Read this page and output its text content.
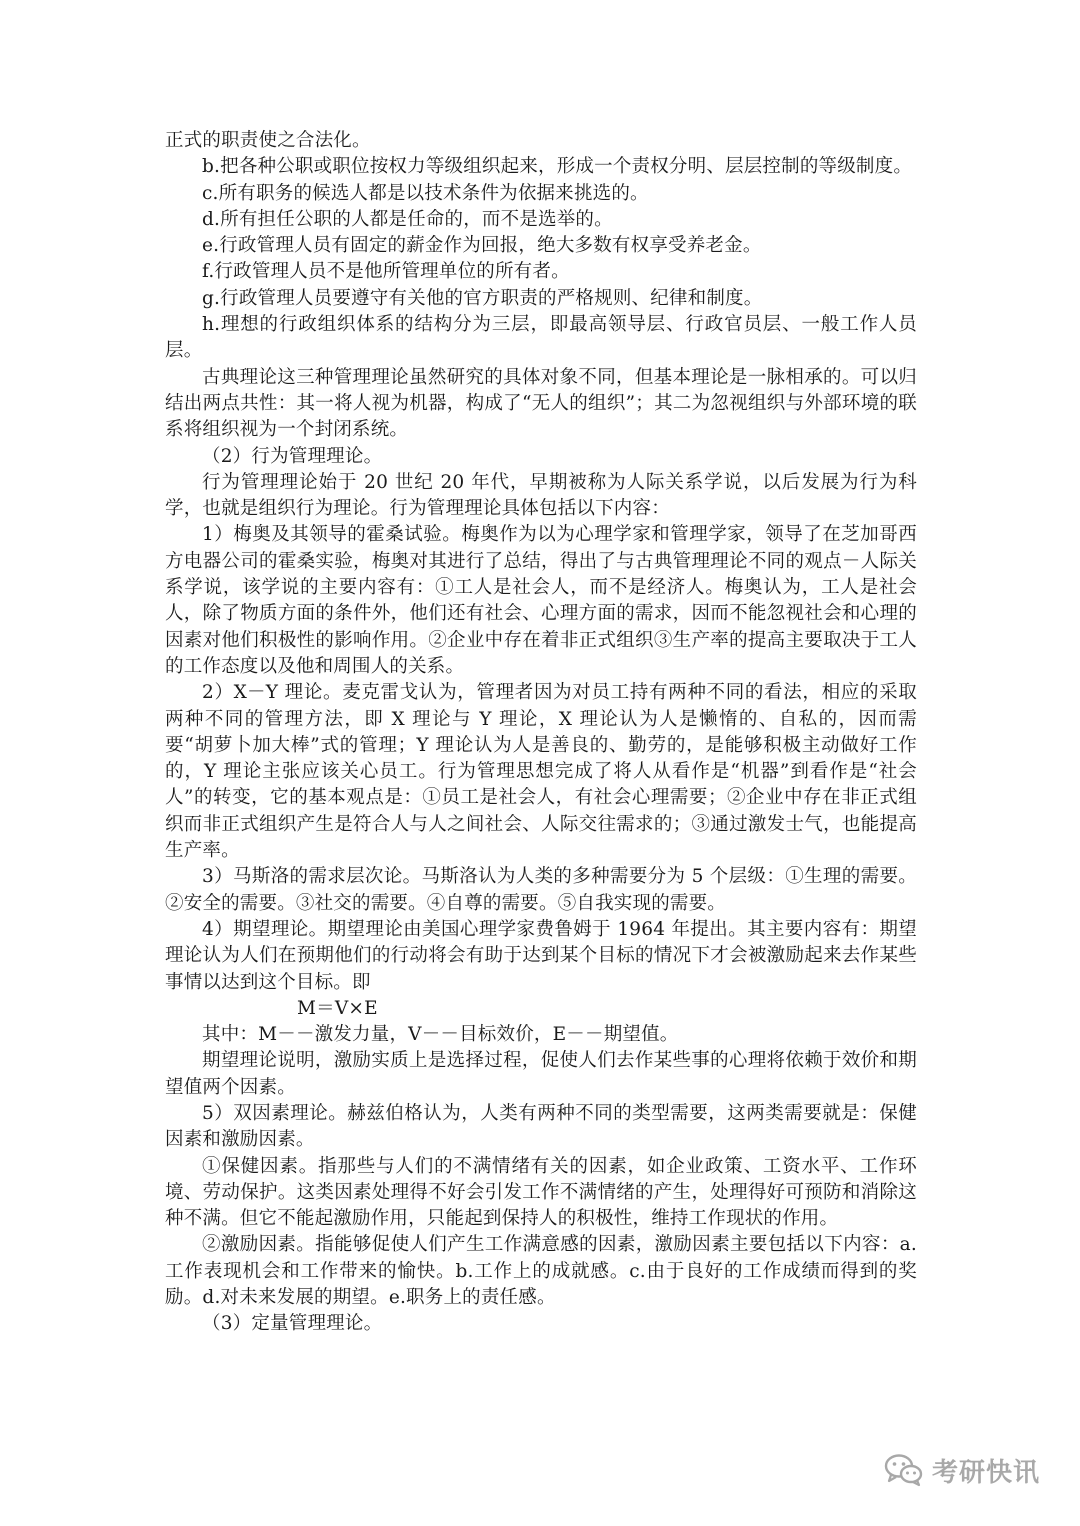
正式的职责使之合法化。

b.把各种公职或职位按权力等级组织起来，形成一个责权分明、层层控制的等级制度。

c.所有职务的候选人都是以技术条件为依据来挑选的。

d.所有担任公职的人都是任命的，而不是选举的。

e.行政管理人员有固定的薪金作为回报，绝大多数有权享受养老金。

f.行政管理人员不是他所管理单位的所有者。

g.行政管理人员要遵守有关他的官方职责的严格规则、纪律和制度。

h.理想的行政组织体系的结构分为三层，即最高领导层、行政官员层、一般工作人员层。

古典理论这三种管理理论虽然研究的具体对象不同，但基本理论是一脉相承的。可以归结出两点共性：其一将人视为机器，构成了“无人的组织”；其二为忽视组织与外部环境的联系将组织视为一个封闭系统。

（2）行为管理理论。

行为管理理论始于 20 世纪 20 年代，早期被称为人际关系学说，以后发展为行为科学，也就是组织行为理论。行为管理理论具体包括以下内容：

1）梅奥及其领导的霍桑试验。梅奥作为以为心理学家和管理学家，领导了在芝加哥西方电器公司的霍桑实验，梅奥对其进行了总结，得出了与古典管理理论不同的观点－人际关系学说，该学说的主要内容有：①工人是社会人，而不是经济人。梅奥认为，工人是社会人，除了物质方面的条件外，他们还有社会、心理方面的需求，因而不能忽视社会和心理的因素对他们积极性的影响作用。②企业中存在着非正式组织③生产率的提高主要取决于工人的工作态度以及他和周围人的关系。

2）X－Y 理论。麦克雷戈认为，管理者因为对员工持有两种不同的看法，相应的采取两种不同的管理方法，即 X 理论与 Y 理论，X 理论认为人是懒惰的、自私的，因而需要“胡萝卜加大棒”式的管理；Y 理论认为人是善良的、勤劳的，是能够积极主动做好工作的，Y 理论主张应该关心员工。行为管理思想完成了将人从看作是“机器”到看作是“社会人”的转变，它的基本观点是：①员工是社会人，有社会心理需要；②企业中存在非正式组织而非正式组织产生是符合人与人之间社会、人际交往需求的；③通过激发士气，也能提高生产率。

3）马斯洛的需求层次论。马斯洛认为人类的多种需要分为 5 个层级：①生理的需要。②安全的需要。③社交的需要。④自尊的需要。⑤自我实现的需要。

4）期望理论。期望理论由美国心理学家费鲁姆于 1964 年提出。其主要内容有：期望理论认为人们在预期他们的行动将会有助于达到某个目标的情况下才会被激励起来去作某些事情以达到这个目标。即

M＝V×E

其中：M－－激发力量，V－－目标效价，E－－期望值。

期望理论说明，激励实质上是选择过程，促使人们去作某些事的心理将依赖于效价和期望值两个因素。

5）双因素理论。赫兹伯格认为，人类有两种不同的类型需要，这两类需要就是：保健因素和激励因素。

①保健因素。指那些与人们的不满情绪有关的因素，如企业政策、工资水平、工作环境、劳动保护。这类因素处理得不好会引发工作不满情绪的产生，处理得好可预防和消除这种不满。但它不能起激励作用，只能起到保持人的积极性，维持工作现状的作用。

②激励因素。指能够促使人们产生工作满意感的因素，激励因素主要包括以下内容：a.工作表现机会和工作带来的愉快。b.工作上的成就感。c.由于良好的工作成绩而得到的奖励。d.对未来发展的期望。e.职务上的责任感。

（3）定量管理理论。

考研快讯
